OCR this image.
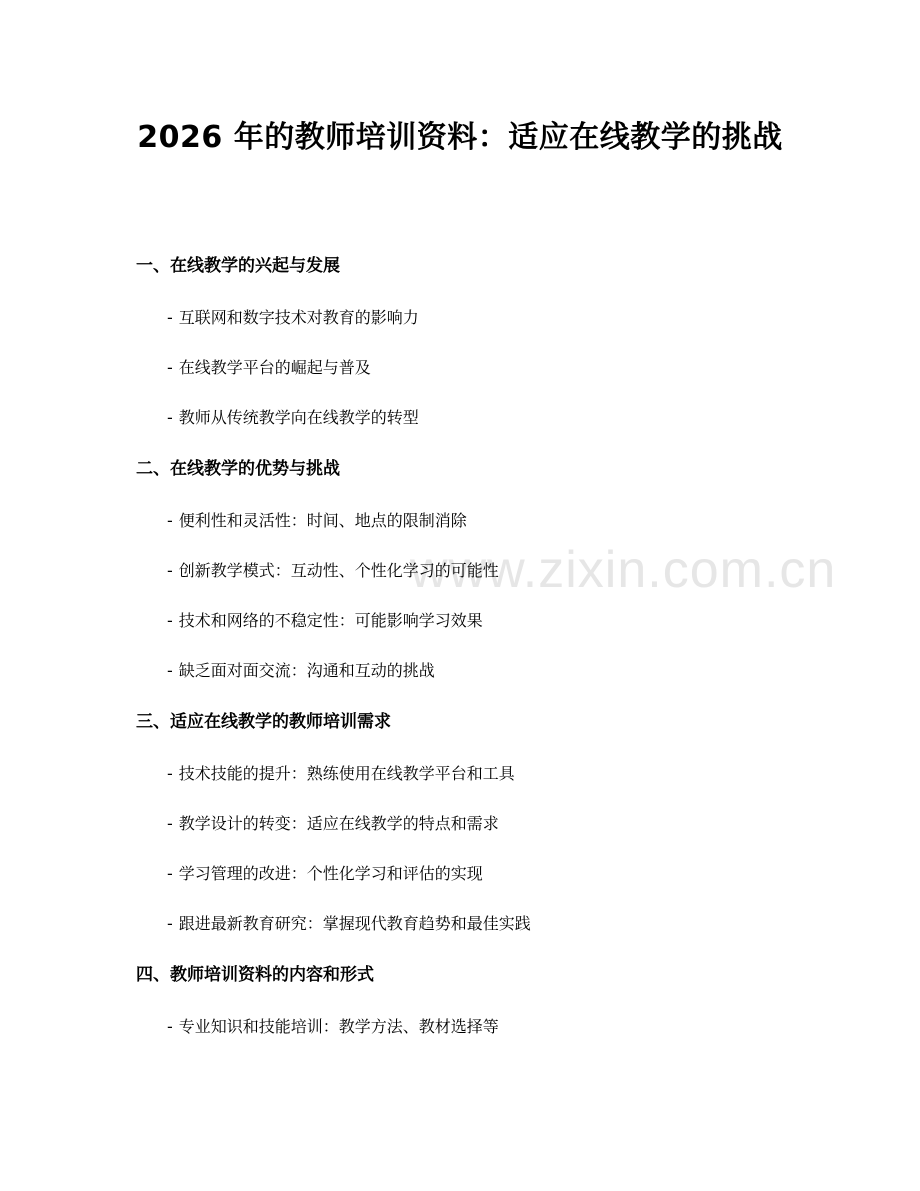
www.zixin.com.cn
2026 年的教师培训资料：适应在线教学的挑战
一、在线教学的兴起与发展
- 互联网和数字技术对教育的影响力
- 在线教学平台的崛起与普及
- 教师从传统教学向在线教学的转型
二、在线教学的优势与挑战
- 便利性和灵活性：时间、地点的限制消除
- 创新教学模式：互动性、个性化学习的可能性
- 技术和网络的不稳定性：可能影响学习效果
- 缺乏面对面交流：沟通和互动的挑战
三、适应在线教学的教师培训需求
- 技术技能的提升：熟练使用在线教学平台和工具
- 教学设计的转变：适应在线教学的特点和需求
- 学习管理的改进：个性化学习和评估的实现
- 跟进最新教育研究：掌握现代教育趋势和最佳实践
四、教师培训资料的内容和形式
- 专业知识和技能培训：教学方法、教材选择等
